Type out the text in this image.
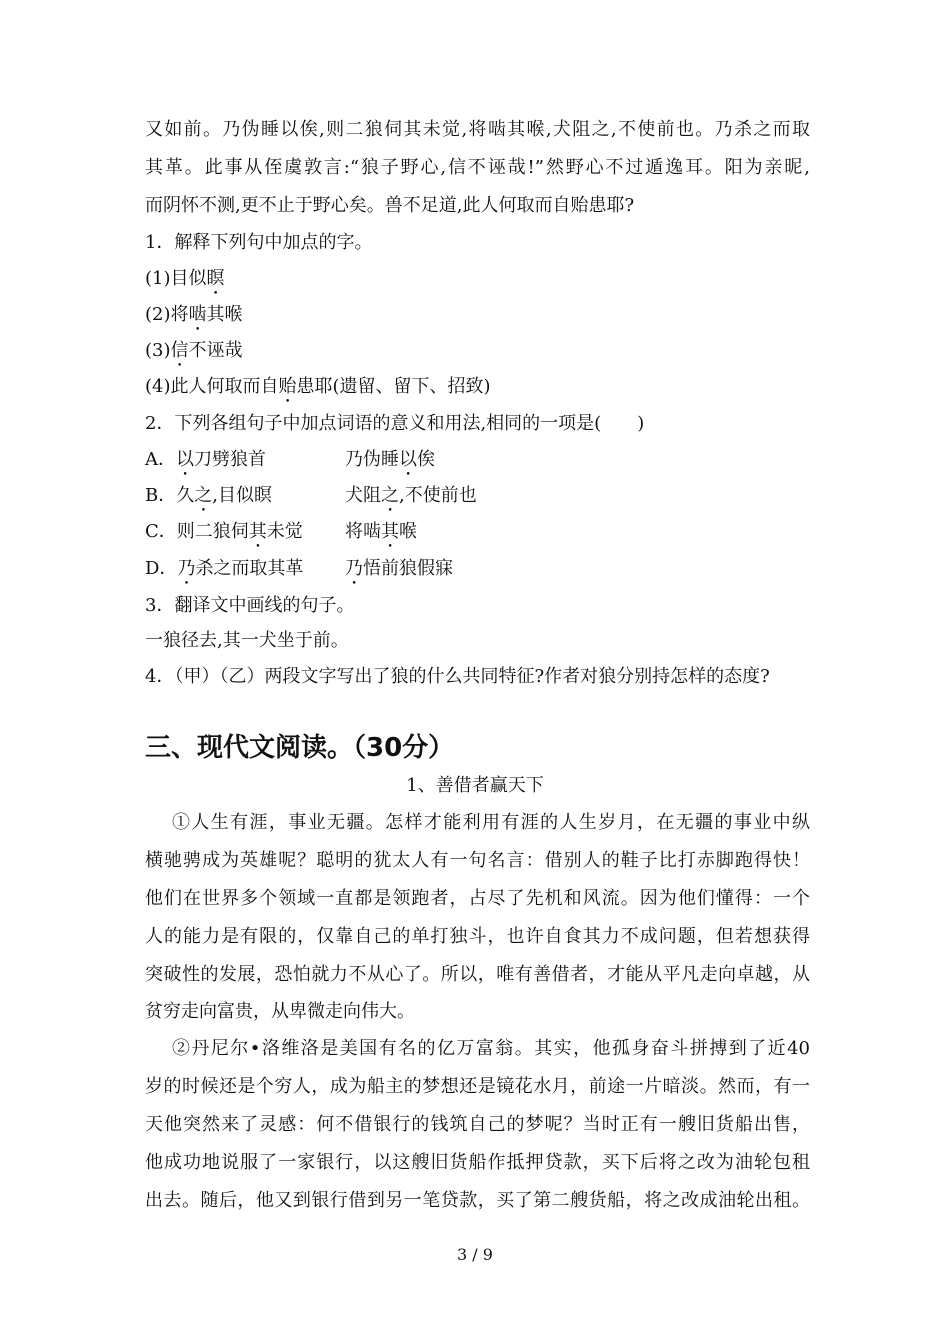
又如前。乃伪睡以俟,则二狼伺其未觉,将啮其喉,犬阻之,不使前也。乃杀之而取
其革。此事从侄虞敦言:“狼子野心,信不诬哉!”然野心不过遁逸耳。阳为亲昵,
而阴怀不测,更不止于野心矣。兽不足道,此人何取而自贻患耶?
1．解释下列句中加点的字。
(1)目似瞑
(2)将啮其喉
(3)信不诬哉
(4)此人何取而自贻患耶(遗留、留下、招致)
2．下列各组句子中加点词语的意义和用法,相同的一项是(　　)
A．以刀劈狼首	乃伪睡以俟
B．久之,目似瞑	犬阻之,不使前也
C．则二狼伺其未觉 将啮其喉
D．乃杀之而取其革 乃悟前狼假寐
3．翻译文中画线的句子。
一狼径去,其一犬坐于前。
4．（甲）（乙）两段文字写出了狼的什么共同特征?作者对狼分别持怎样的态度?
三、现代文阅读。（30分）
1、善借者赢天下
①人生有涯，事业无疆。怎样才能利用有涯的人生岁月，在无疆的事业中纵
横驰骋成为英雄呢？聪明的犹太人有一句名言：借别人的鞋子比打赤脚跑得快！
他们在世界多个领域一直都是领跑者，占尽了先机和风流。因为他们懂得：一个
人的能力是有限的，仅靠自己的单打独斗，也许自食其力不成问题，但若想获得
突破性的发展，恐怕就力不从心了。所以，唯有善借者，才能从平凡走向卓越，从
贫穷走向富贵，从卑微走向伟大。
②丹尼尔•洛维洛是美国有名的亿万富翁。其实，他孤身奋斗拼搏到了近40
岁的时候还是个穷人，成为船主的梦想还是镜花水月，前途一片暗淡。然而，有一
天他突然来了灵感：何不借银行的钱筑自己的梦呢？当时正有一艘旧货船出售，
他成功地说服了一家银行，以这艘旧货船作抵押贷款，买下后将之改为油轮包租
出去。随后，他又到银行借到另一笔贷款，买了第二艘货船，将之改成油轮出租。
3 / 9
